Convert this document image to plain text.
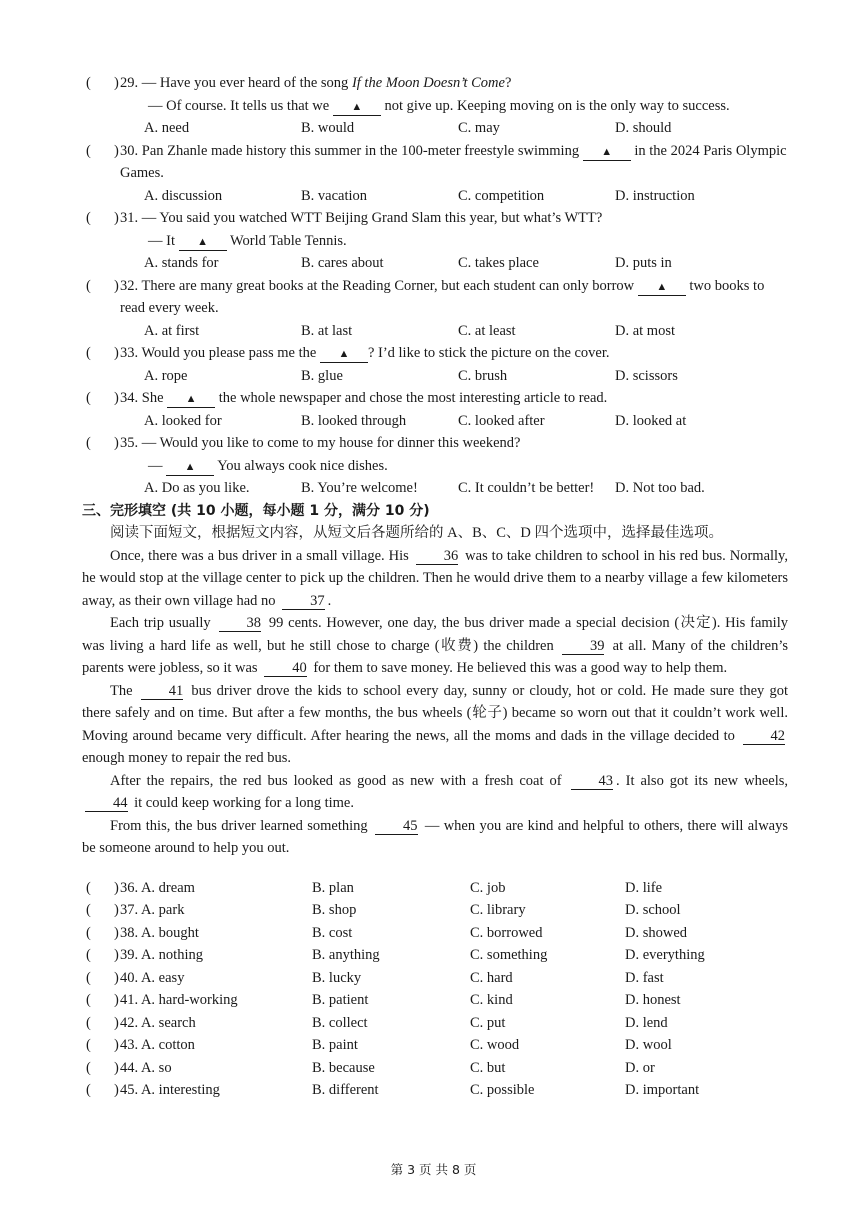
( ) 29. — Have you ever heard of the song If the Moon Doesn’t Come?
— Of course. It tells us that we ▲ not give up. Keeping moving on is the only way to success.
A. need	B. would	C. may	D. should
( ) 30. Pan Zhanle made history this summer in the 100-meter freestyle swimming ▲ in the 2024 Paris Olympic Games.
A. discussion	B. vacation	C. competition	D. instruction
( ) 31. — You said you watched WTT Beijing Grand Slam this year, but what’s WTT?
— It ▲ World Table Tennis.
A. stands for	B. cares about	C. takes place	D. puts in
( ) 32. There are many great books at the Reading Corner, but each student can only borrow ▲ two books to read every week.
A. at first	B. at last	C. at least	D. at most
( ) 33. Would you please pass me the ▲ ? I’d like to stick the picture on the cover.
A. rope	B. glue	C. brush	D. scissors
( ) 34. She ▲ the whole newspaper and chose the most interesting article to read.
A. looked for	B. looked through	C. looked after	D. looked at
( ) 35. — Would you like to come to my house for dinner this weekend?
— ▲ You always cook nice dishes.
A. Do as you like.	B. You’re welcome!	C. It couldn’t be better!	D. Not too bad.
三、完形填空 (共 10 小题，每小题 1 分，满分 10 分)

阅读下面短文，根据短文内容，从短文后各题所给的 A、B、C、D 四个选项中，选择最佳选项。

Once, there was a bus driver in a small village. His 36 was to take children to school in his red bus. Normally, he would stop at the village center to pick up the children. Then he would drive them to a nearby village a few kilometers away, as their own village had no 37 .

Each trip usually 38 99 cents. However, one day, the bus driver made a special decision (决定). His family was living a hard life as well, but he still chose to charge (收费) the children 39 at all. Many of the children’s parents were jobless, so it was 40 for them to save money. He believed this was a good way to help them.

The 41 bus driver drove the kids to school every day, sunny or cloudy, hot or cold. He made sure they got there safely and on time. But after a few months, the bus wheels (轮子) became so worn out that it couldn’t work well. Moving around became very difficult. After hearing the news, all the moms and dads in the village decided to 42 enough money to repair the red bus.

After the repairs, the red bus looked as good as new with a fresh coat of 43 . It also got its new wheels, 44 it could keep working for a long time.

From this, the bus driver learned something 45 — when you are kind and helpful to others, there will always be someone around to help you out.

( ) 36. A. dream	B. plan	C. job	D. life
( ) 37. A. park	B. shop	C. library	D. school
( ) 38. A. bought	B. cost	C. borrowed	D. showed
( ) 39. A. nothing	B. anything	C. something	D. everything
( ) 40. A. easy	B. lucky	C. hard	D. fast
( ) 41. A. hard-working	B. patient	C. kind	D. honest
( ) 42. A. search	B. collect	C. put	D. lend
( ) 43. A. cotton	B. paint	C. wood	D. wool
( ) 44. A. so	B. because	C. but	D. or
( ) 45. A. interesting	B. different	C. possible	D. important
第 3 页 共 8 页
